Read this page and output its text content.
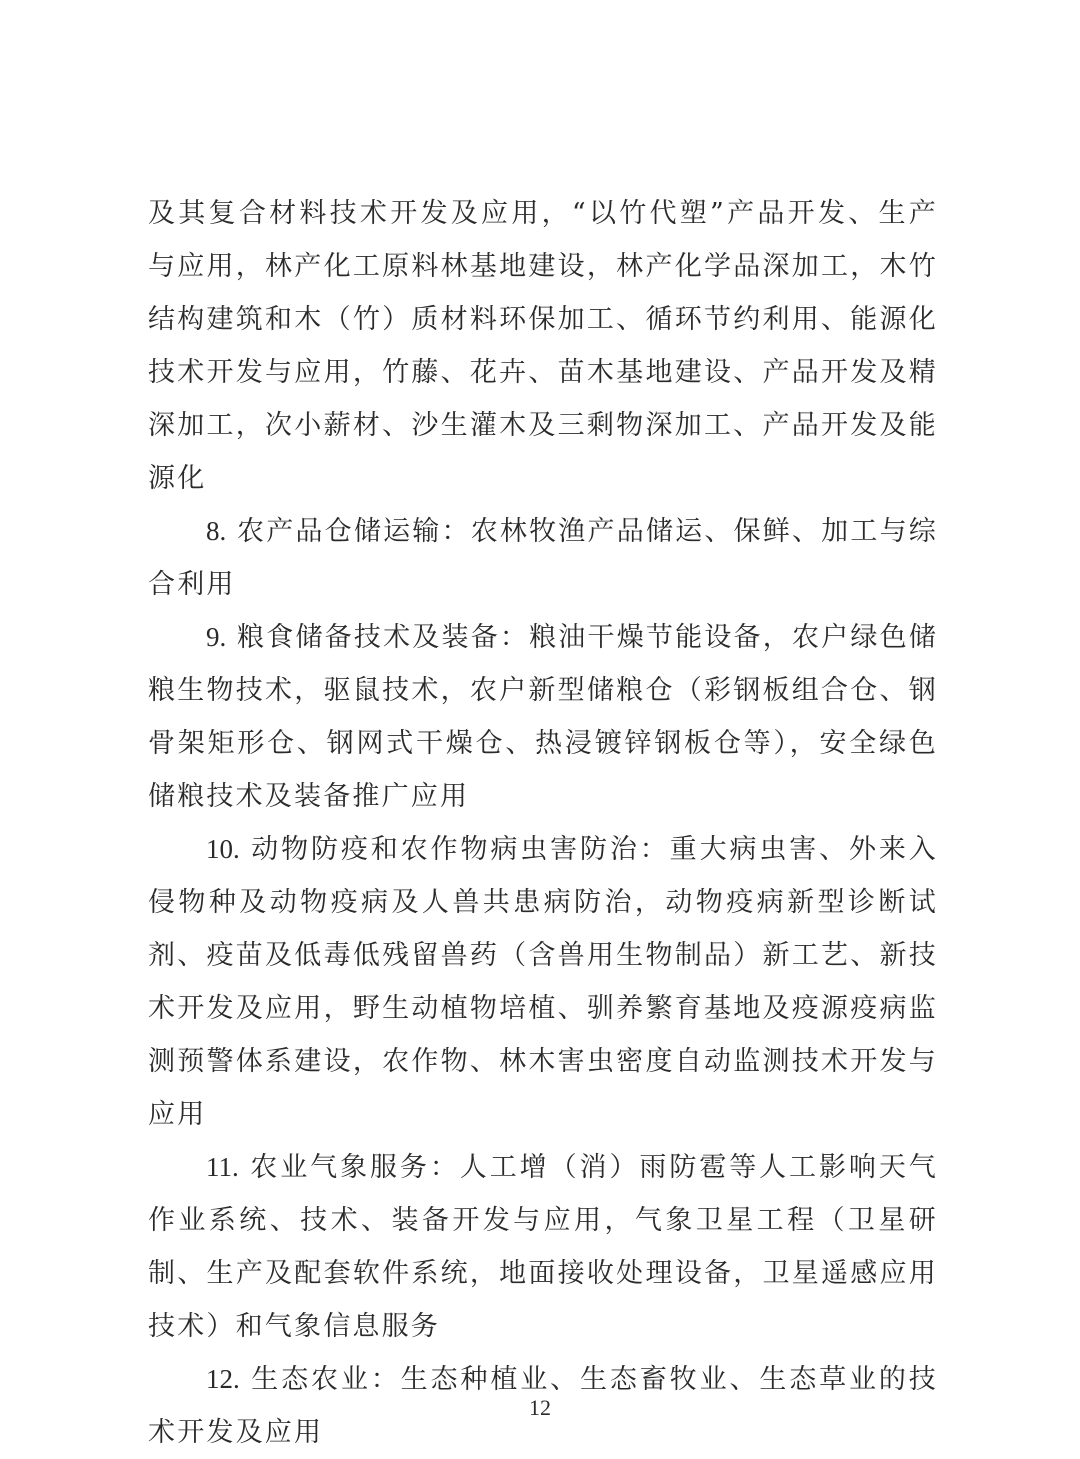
及其复合材料技术开发及应用，“以竹代塑”产品开发、生产与应用，林产化工原料林基地建设，林产化学品深加工，木竹结构建筑和木（竹）质材料环保加工、循环节约利用、能源化技术开发与应用，竹藤、花卉、苗木基地建设、产品开发及精深加工，次小薪材、沙生灌木及三剩物深加工、产品开发及能源化

8. 农产品仓储运输：农林牧渔产品储运、保鲜、加工与综合利用

9. 粮食储备技术及装备：粮油干燥节能设备，农户绿色储粮生物技术，驱鼠技术，农户新型储粮仓（彩钢板组合仓、钢骨架矩形仓、钢网式干燥仓、热浸镀锌钢板仓等），安全绿色储粮技术及装备推广应用

10. 动物防疫和农作物病虫害防治：重大病虫害、外来入侵物种及动物疫病及人兽共患病防治，动物疫病新型诊断试剂、疫苗及低毒低残留兽药（含兽用生物制品）新工艺、新技术开发及应用，野生动植物培植、驯养繁育基地及疫源疫病监测预警体系建设，农作物、林木害虫密度自动监测技术开发与应用

11. 农业气象服务：人工增（消）雨防雹等人工影响天气作业系统、技术、装备开发与应用，气象卫星工程（卫星研制、生产及配套软件系统，地面接收处理设备，卫星遥感应用技术）和气象信息服务

12. 生态农业：生态种植业、生态畜牧业、生态草业的技术开发及应用

12
